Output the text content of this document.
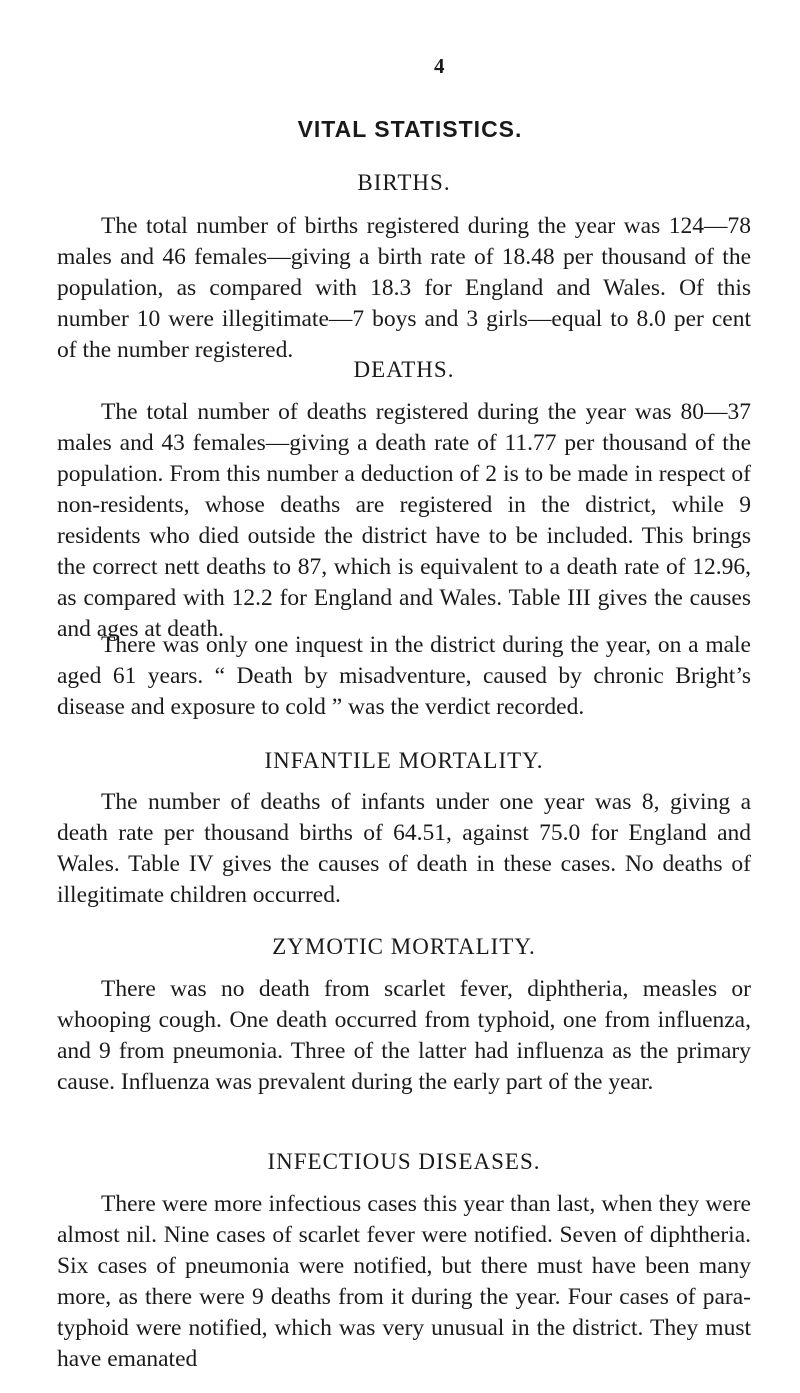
4
VITAL STATISTICS.
BIRTHS.

The total number of births registered during the year was 124—78 males and 46 females—giving a birth rate of 18.48 per thousand of the population, as compared with 18.3 for England and Wales. Of this number 10 were illegitimate—7 boys and 3 girls—equal to 8.0 per cent of the number registered.

DEATHS.

The total number of deaths registered during the year was 80—37 males and 43 females—giving a death rate of 11.77 per thousand of the population. From this number a deduction of 2 is to be made in respect of non-residents, whose deaths are registered in the district, while 9 residents who died outside the district have to be included. This brings the correct nett deaths to 87, which is equivalent to a death rate of 12.96, as compared with 12.2 for England and Wales. Table III gives the causes and ages at death.

There was only one inquest in the district during the year, on a male aged 61 years. “ Death by misadventure, caused by chronic Bright’s disease and exposure to cold ” was the verdict recorded.

INFANTILE MORTALITY.

The number of deaths of infants under one year was 8, giving a death rate per thousand births of 64.51, against 75.0 for England and Wales. Table IV gives the causes of death in these cases. No deaths of illegitimate children occurred.

ZYMOTIC MORTALITY.

There was no death from scarlet fever, diphtheria, measles or whooping cough. One death occurred from typhoid, one from influenza, and 9 from pneumonia. Three of the latter had influenza as the primary cause. Influenza was prevalent during the early part of the year.

INFECTIOUS DISEASES.

There were more infectious cases this year than last, when they were almost nil. Nine cases of scarlet fever were notified. Seven of diphtheria. Six cases of pneumonia were notified, but there must have been many more, as there were 9 deaths from it during the year. Four cases of para-typhoid were notified, which was very unusual in the district. They must have emanated
